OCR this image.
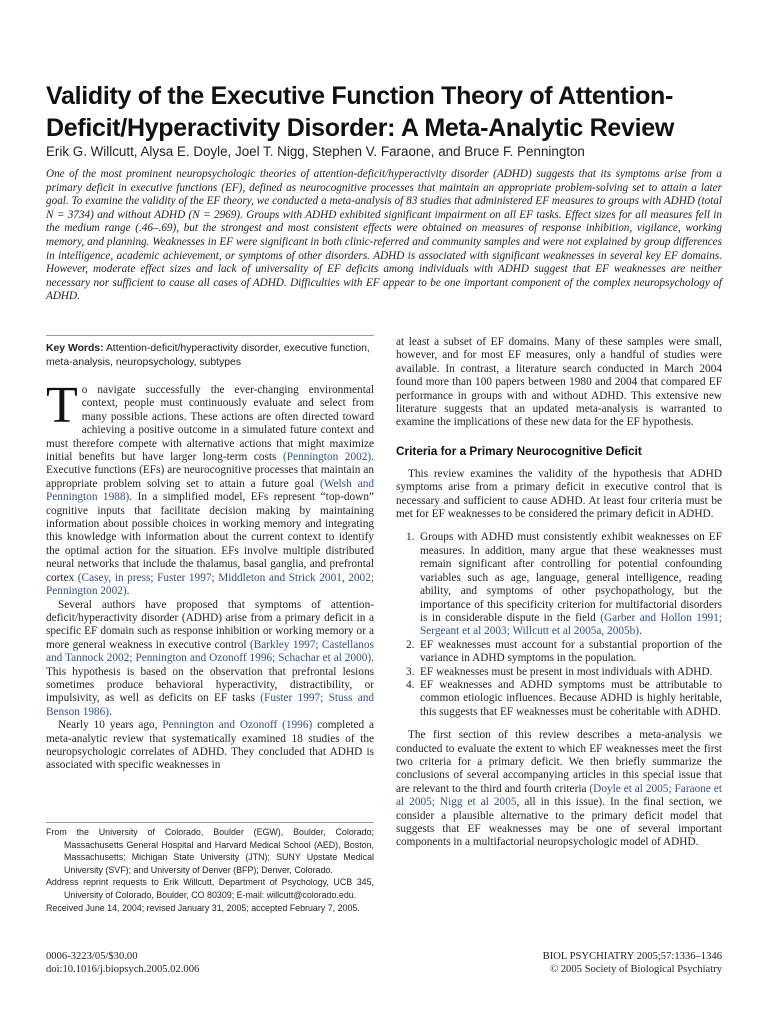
Validity of the Executive Function Theory of Attention-Deficit/Hyperactivity Disorder: A Meta-Analytic Review
Erik G. Willcutt, Alysa E. Doyle, Joel T. Nigg, Stephen V. Faraone, and Bruce F. Pennington
One of the most prominent neuropsychologic theories of attention-deficit/hyperactivity disorder (ADHD) suggests that its symptoms arise from a primary deficit in executive functions (EF), defined as neurocognitive processes that maintain an appropriate problem-solving set to attain a later goal. To examine the validity of the EF theory, we conducted a meta-analysis of 83 studies that administered EF measures to groups with ADHD (total N = 3734) and without ADHD (N = 2969). Groups with ADHD exhibited significant impairment on all EF tasks. Effect sizes for all measures fell in the medium range (.46–.69), but the strongest and most consistent effects were obtained on measures of response inhibition, vigilance, working memory, and planning. Weaknesses in EF were significant in both clinic-referred and community samples and were not explained by group differences in intelligence, academic achievement, or symptoms of other disorders. ADHD is associated with significant weaknesses in several key EF domains. However, moderate effect sizes and lack of universality of EF deficits among individuals with ADHD suggest that EF weaknesses are neither necessary nor sufficient to cause all cases of ADHD. Difficulties with EF appear to be one important component of the complex neuropsychology of ADHD.
Key Words: Attention-deficit/hyperactivity disorder, executive function, meta-analysis, neuropsychology, subtypes

To navigate successfully the ever-changing environmental context, people must continuously evaluate and select from many possible actions. These actions are often directed toward achieving a positive outcome in a simulated future context and must therefore compete with alternative actions that might maximize initial benefits but have larger long-term costs (Pennington 2002). Executive functions (EFs) are neurocognitive processes that maintain an appropriate problem solving set to attain a future goal (Welsh and Pennington 1988). In a simplified model, EFs represent “top-down” cognitive inputs that facilitate decision making by maintaining information about possible choices in working memory and integrating this knowledge with information about the current context to identify the optimal action for the situation. EFs involve multiple distributed neural networks that include the thalamus, basal ganglia, and prefrontal cortex (Casey, in press; Fuster 1997; Middleton and Strick 2001, 2002; Pennington 2002).

Several authors have proposed that symptoms of attention-deficit/hyperactivity disorder (ADHD) arise from a primary deficit in a specific EF domain such as response inhibition or working memory or a more general weakness in executive control (Barkley 1997; Castellanos and Tannock 2002; Pennington and Ozonoff 1996; Schachar et al 2000). This hypothesis is based on the observation that prefrontal lesions sometimes produce behavioral hyperactivity, distractibility, or impulsivity, as well as deficits on EF tasks (Fuster 1997; Stuss and Benson 1986).

Nearly 10 years ago, Pennington and Ozonoff (1996) completed a meta-analytic review that systematically examined 18 studies of the neuropsychologic correlates of ADHD. They concluded that ADHD is associated with specific weaknesses in

at least a subset of EF domains. Many of these samples were small, however, and for most EF measures, only a handful of studies were available. In contrast, a literature search conducted in March 2004 found more than 100 papers between 1980 and 2004 that compared EF performance in groups with and without ADHD. This extensive new literature suggests that an updated meta-analysis is warranted to examine the implications of these new data for the EF hypothesis.

Criteria for a Primary Neurocognitive Deficit

This review examines the validity of the hypothesis that ADHD symptoms arise from a primary deficit in executive control that is necessary and sufficient to cause ADHD. At least four criteria must be met for EF weaknesses to be considered the primary deficit in ADHD.

1. Groups with ADHD must consistently exhibit weaknesses on EF measures. In addition, many argue that these weaknesses must remain significant after controlling for potential confounding variables such as age, language, general intelligence, reading ability, and symptoms of other psychopathology, but the importance of this specificity criterion for multifactorial disorders is in considerable dispute in the field (Garber and Hollon 1991; Sergeant et al 2003; Willcutt et al 2005a, 2005b).
2. EF weaknesses must account for a substantial proportion of the variance in ADHD symptoms in the population.
3. EF weaknesses must be present in most individuals with ADHD.
4. EF weaknesses and ADHD symptoms must be attributable to common etiologic influences. Because ADHD is highly heritable, this suggests that EF weaknesses must be coheritable with ADHD.

The first section of this review describes a meta-analysis we conducted to evaluate the extent to which EF weaknesses meet the first two criteria for a primary deficit. We then briefly summarize the conclusions of several accompanying articles in this special issue that are relevant to the third and fourth criteria (Doyle et al 2005; Faraone et al 2005; Nigg et al 2005, all in this issue). In the final section, we consider a plausible alternative to the primary deficit model that suggests that EF weaknesses may be one of several important components in a multifactorial neuropsychologic model of ADHD.

From the University of Colorado, Boulder (EGW), Boulder, Colorado; Massachusetts General Hospital and Harvard Medical School (AED), Boston, Massachusetts; Michigan State University (JTN); SUNY Upstate Medical University (SVF); and University of Denver (BFP); Denver, Colorado.

Address reprint requests to Erik Willcutt, Department of Psychology, UCB 345, University of Colorado, Boulder, CO 80309; E-mail: willcutt@colorado.edu.

Received June 14, 2004; revised January 31, 2005; accepted February 7, 2005.

0006-3223/05/$30.00
doi:10.1016/j.biopsych.2005.02.006
BIOL PSYCHIATRY 2005;57:1336–1346
© 2005 Society of Biological Psychiatry
